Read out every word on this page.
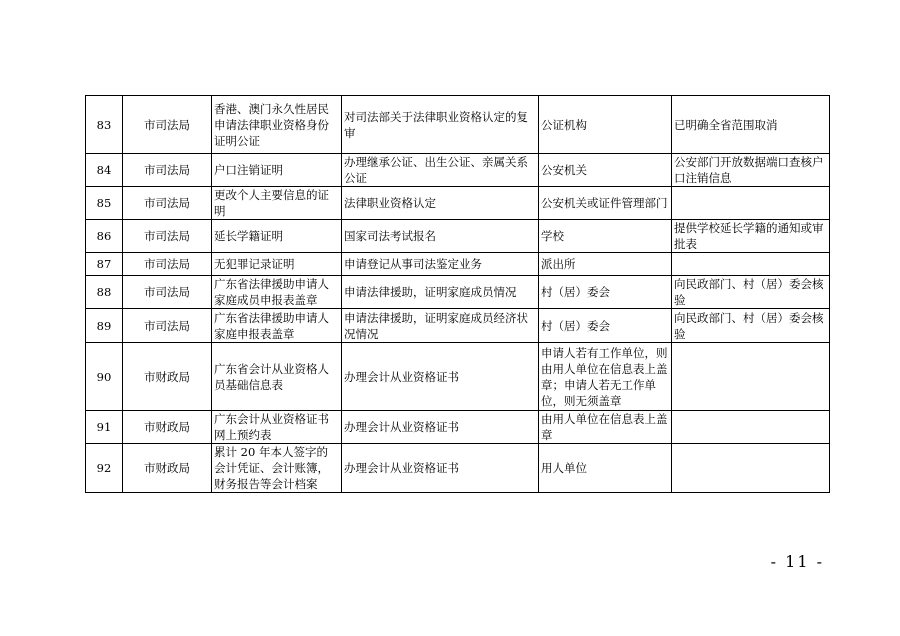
83	市司法局	香港、澳门永久性居民申请法律职业资格身份证明公证	对司法部关于法律职业资格认定的复审	公证机构	已明确全省范围取消
84	市司法局	户口注销证明	办理继承公证、出生公证、亲属关系公证	公安机关	公安部门开放数据端口查核户口注销信息
85	市司法局	更改个人主要信息的证明	法律职业资格认定	公安机关或证件管理部门	
86	市司法局	延长学籍证明	国家司法考试报名	学校	提供学校延长学籍的通知或审批表
87	市司法局	无犯罪记录证明	申请登记从事司法鉴定业务	派出所	
88	市司法局	广东省法律援助申请人家庭成员申报表盖章	申请法律援助，证明家庭成员情况	村（居）委会	向民政部门、村（居）委会核验
89	市司法局	广东省法律援助申请人家庭申报表盖章	申请法律援助，证明家庭成员经济状况情况	村（居）委会	向民政部门、村（居）委会核验
90	市财政局	广东省会计从业资格人员基础信息表	办理会计从业资格证书	申请人若有工作单位，则由用人单位在信息表上盖章；申请人若无工作单位，则无须盖章	
91	市财政局	广东会计从业资格证书网上预约表	办理会计从业资格证书	由用人单位在信息表上盖章	
92	市财政局	累计 20 年本人签字的会计凭证、会计账簿，财务报告等会计档案	办理会计从业资格证书	用人单位	
- 11 -
